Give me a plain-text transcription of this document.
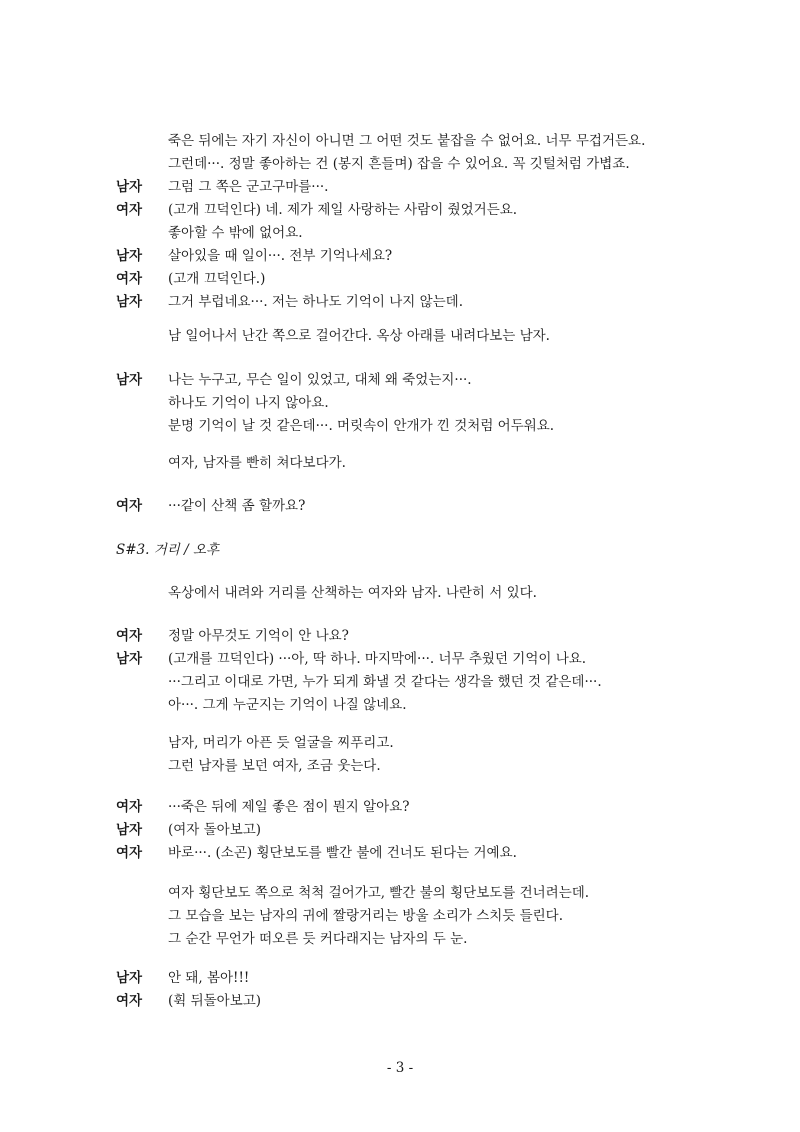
죽은 뒤에는 자기 자신이 아니면 그 어떤 것도 붙잡을 수 없어요. 너무 무겁거든요.
그런데···. 정말 좋아하는 건 (봉지 흔들며) 잡을 수 있어요. 꼭 깃털처럼 가볍죠.
남자 그럼 그 쪽은 군고구마를···.
여자 (고개 끄덕인다) 네. 제가 제일 사랑하는 사람이 줬었거든요.
좋아할 수 밖에 없어요.
남자 살아있을 때 일이···. 전부 기억나세요?
여자 (고개 끄덕인다.)
남자 그거 부럽네요···. 저는 하나도 기억이 나지 않는데.
남 일어나서 난간 쪽으로 걸어간다. 옥상 아래를 내려다보는 남자.
남자 나는 누구고, 무슨 일이 있었고, 대체 왜 죽었는지···.
하나도 기억이 나지 않아요.
분명 기억이 날 것 같은데···. 머릿속이 안개가 낀 것처럼 어두워요.
여자, 남자를 빤히 쳐다보다가.
여자 ···같이 산책 좀 할까요?
S#3. 거리 / 오후
옥상에서 내려와 거리를 산책하는 여자와 남자. 나란히 서 있다.
여자 정말 아무것도 기억이 안 나요?
남자 (고개를 끄덕인다) ···아, 딱 하나. 마지막에···. 너무 추웠던 기억이 나요.
···그리고 이대로 가면, 누가 되게 화낼 것 같다는 생각을 했던 것 같은데···.
아···. 그게 누군지는 기억이 나질 않네요.
남자, 머리가 아픈 듯 얼굴을 찌푸리고.
그런 남자를 보던 여자, 조금 웃는다.
여자 ···죽은 뒤에 제일 좋은 점이 뭔지 알아요?
남자 (여자 돌아보고)
여자 바로···. (소곤) 횡단보도를 빨간 불에 건너도 된다는 거예요.
여자 횡단보도 쪽으로 척척 걸어가고, 빨간 불의 횡단보도를 건너려는데.
그 모습을 보는 남자의 귀에 짤랑거리는 방울 소리가 스치듯 들린다.
그 순간 무언가 떠오른 듯 커다래지는 남자의 두 눈.
남자 안 돼, 봄아!!!
여자 (휙 뒤돌아보고)
- 3 -
